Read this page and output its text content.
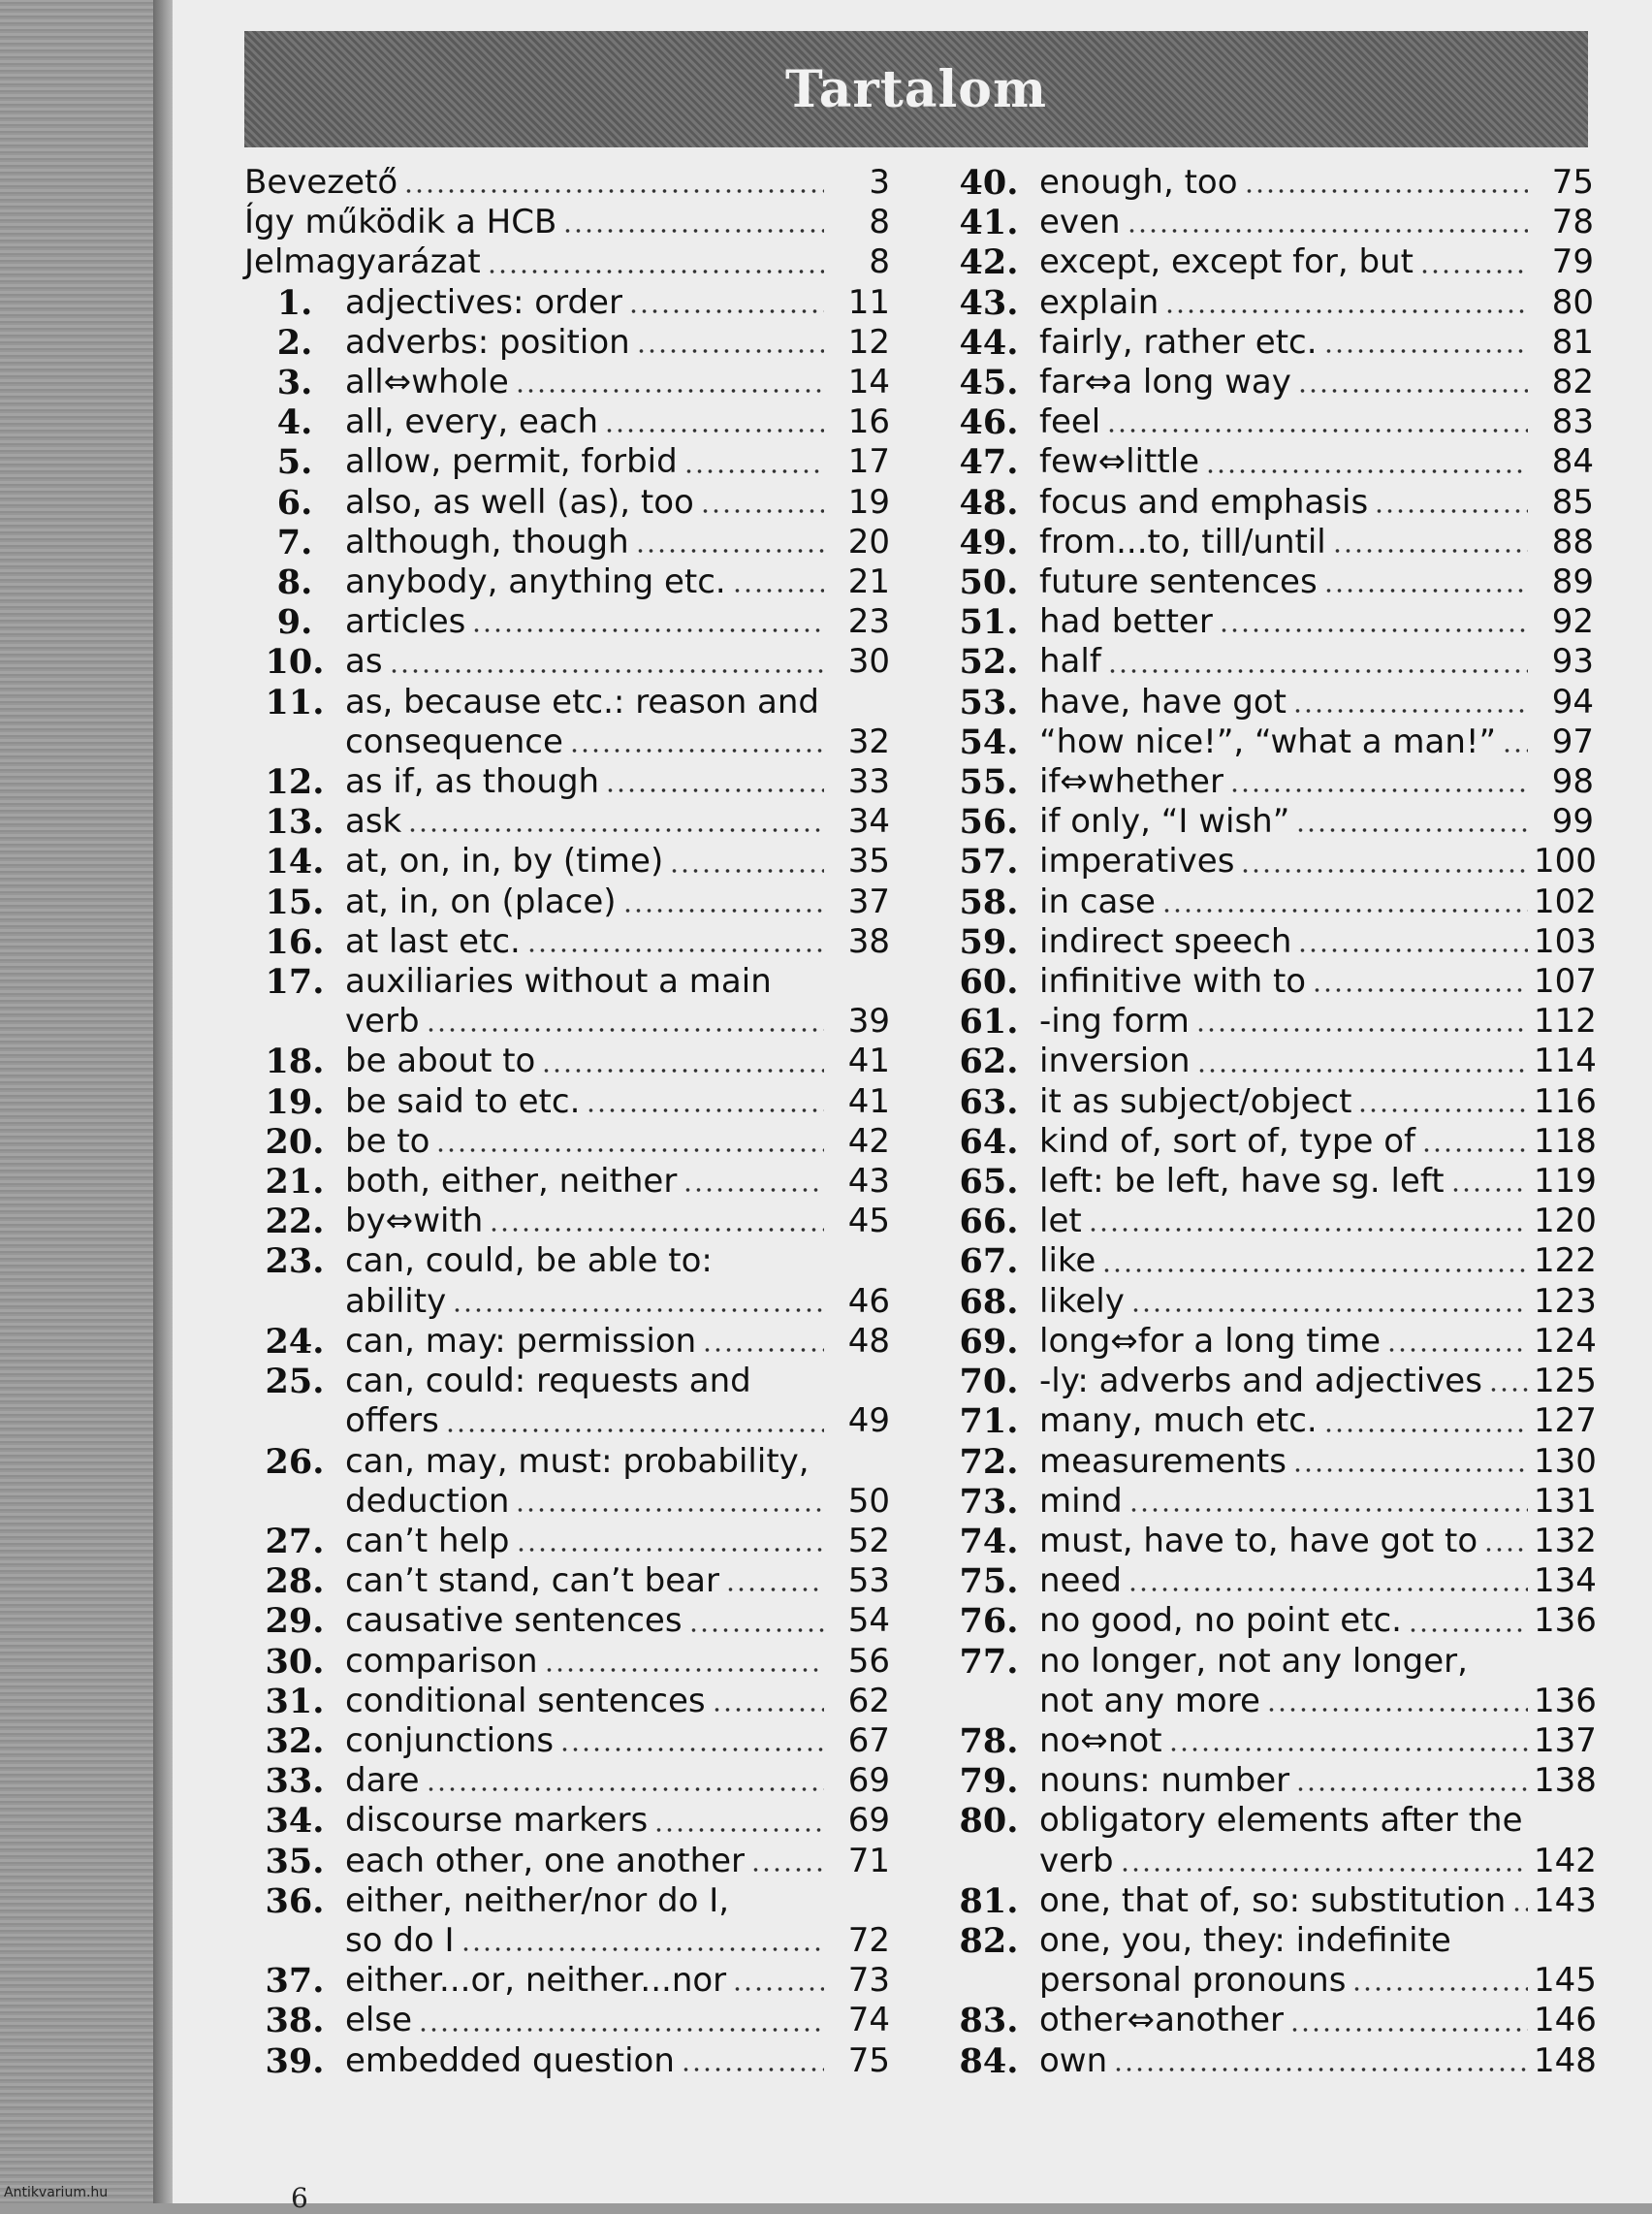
Tartalom
Bevezető	3
Így működik a HCB	8
Jelmagyarázat	8
1. adjectives: order	11
2. adverbs: position	12
3. all⇔whole	14
4. all, every, each	16
5. allow, permit, forbid	17
6. also, as well (as), too	19
7. although, though	20
8. anybody, anything etc.	21
9. articles	23
10. as	30
11. as, because etc.: reason and
consequence	32
12. as if, as though	33
13. ask	34
14. at, on, in, by (time)	35
15. at, in, on (place)	37
16. at last etc.	38
17. auxiliaries without a main
verb	39
18. be about to	41
19. be said to etc.	41
20. be to	42
21. both, either, neither	43
22. by⇔with	45
23. can, could, be able to:
ability	46
24. can, may: permission	48
25. can, could: requests and
offers	49
26. can, may, must: probability,
deduction	50
27. can’t help	52
28. can’t stand, can’t bear	53
29. causative sentences	54
30. comparison	56
31. conditional sentences	62
32. conjunctions	67
33. dare	69
34. discourse markers	69
35. each other, one another	71
36. either, neither/nor do I,
so do I	72
37. either...or, neither...nor	73
38. else	74
39. embedded question	75
40. enough, too	75
41. even	78
42. except, except for, but	79
43. explain	80
44. fairly, rather etc.	81
45. far⇔a long way	82
46. feel	83
47. few⇔little	84
48. focus and emphasis	85
49. from...to, till/until	88
50. future sentences	89
51. had better	92
52. half	93
53. have, have got	94
54. “how nice!”, “what a man!”	97
55. if⇔whether	98
56. if only, “I wish”	99
57. imperatives	100
58. in case	102
59. indirect speech	103
60. infinitive with to	107
61. -ing form	112
62. inversion	114
63. it as subject/object	116
64. kind of, sort of, type of	118
65. left: be left, have sg. left	119
66. let	120
67. like	122
68. likely	123
69. long⇔for a long time	124
70. -ly: adverbs and adjectives 125
71. many, much etc.	127
72. measurements	130
73. mind	131
74. must, have to, have got to 132
75. need	134
76. no good, no point etc.	136
77. no longer, not any longer,
not any more	136
78. no⇔not	137
79. nouns: number	138
80. obligatory elements after the
verb	142
81. one, that of, so: substitution 143
82. one, you, they: indefinite
personal pronouns	145
83. other⇔another	146
84. own	148
Antikvarium.hu	6
